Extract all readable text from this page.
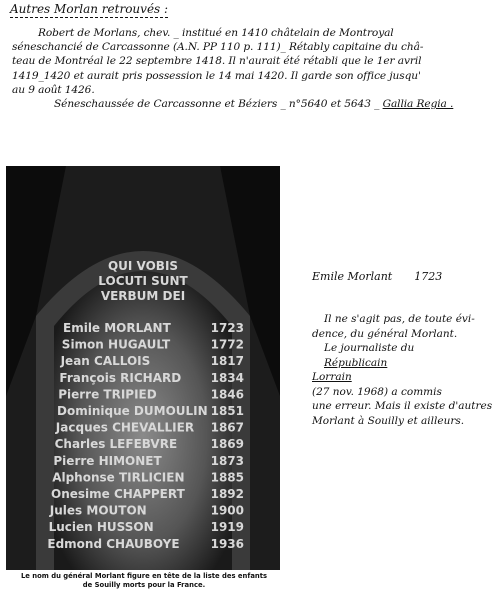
Autres Morlan retrouvés :
Robert de Morlans, chev. _ institué en 1410 châtelain de Montroyal
séneschancié de Carcassonne (A.N. PP 110 p. 111)_ Rétably capitaine du châ-
teau de Montréal le 22 septembre 1418. Il n'aurait été rétabli que le 1er avril
1419_1420 et aurait pris possession le 14 mai 1420. Il garde son office jusqu'
au 9 août 1426.
Séneschaussée de Carcassonne et Béziers _ n°5640 et 5643 _ Gallia Regia .
QUI VOBIS
LOCUTI SUNT
VERBUM DEI
Emile MORLANT	1723
Simon HUGAULT	1772
Jean CALLOIS	1817
François RICHARD 1834
Pierre TRIPIED	1846
Dominique DUMOULIN 1851
Jacques CHEVALLIER 1867
Charles LEFEBVRE	1869
Pierre HIMONET	1873
Alphonse TIRLICIEN 1885
Onesime CHAPPERT 1892
Jules MOUTON	1900
Lucien HUSSON	1919
Edmond CHAUBOYE	1936
Le nom du général Morlant figure en tête de la liste des enfants
de Souilly morts pour la France.
Emile Morlant 1723
Il ne s'agit pas, de toute évi-
dence, du général Morlant.
Le journaliste du
Républicain
Lorrain
(27 nov. 1968) a commis
une erreur. Mais il existe d'autres
Morlant à Souilly et ailleurs.
